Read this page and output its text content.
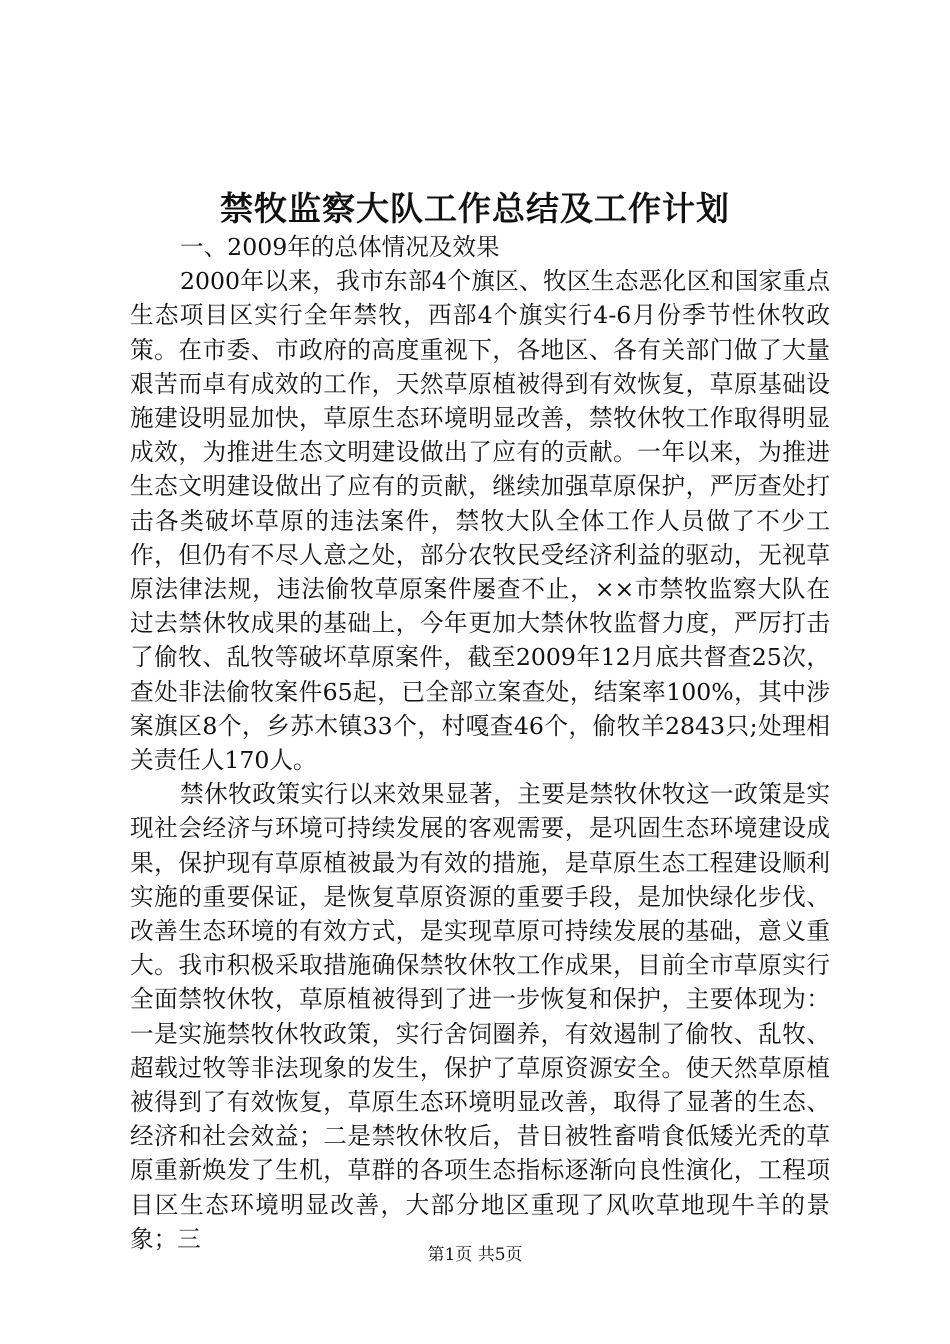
禁牧监察大队工作总结及工作计划

一、2009年的总体情况及效果

2000年以来，我市东部4个旗区、牧区生态恶化区和国家重点生态项目区实行全年禁牧，西部4个旗实行4-6月份季节性休牧政策。在市委、市政府的高度重视下，各地区、各有关部门做了大量艰苦而卓有成效的工作，天然草原植被得到有效恢复，草原基础设施建设明显加快，草原生态环境明显改善，禁牧休牧工作取得明显成效，为推进生态文明建设做出了应有的贡献。一年以来，为推进生态文明建设做出了应有的贡献，继续加强草原保护，严厉查处打击各类破坏草原的违法案件，禁牧大队全体工作人员做了不少工作，但仍有不尽人意之处，部分农牧民受经济利益的驱动，无视草原法律法规，违法偷牧草原案件屡查不止，××市禁牧监察大队在过去禁休牧成果的基础上，今年更加大禁休牧监督力度，严厉打击了偷牧、乱牧等破坏草原案件，截至2009年12月底共督查25次，查处非法偷牧案件65起，已全部立案查处，结案率100%，其中涉案旗区8个，乡苏木镇33个，村嘎查46个，偷牧羊2843只;处理相关责任人170人。

禁休牧政策实行以来效果显著，主要是禁牧休牧这一政策是实现社会经济与环境可持续发展的客观需要，是巩固生态环境建设成果，保护现有草原植被最为有效的措施，是草原生态工程建设顺利实施的重要保证，是恢复草原资源的重要手段，是加快绿化步伐、改善生态环境的有效方式，是实现草原可持续发展的基础，意义重大。我市积极采取措施确保禁牧休牧工作成果，目前全市草原实行全面禁牧休牧，草原植被得到了进一步恢复和保护，主要体现为：一是实施禁牧休牧政策，实行舍饲圈养，有效遏制了偷牧、乱牧、超载过牧等非法现象的发生，保护了草原资源安全。使天然草原植被得到了有效恢复，草原生态环境明显改善，取得了显著的生态、经济和社会效益；二是禁牧休牧后，昔日被牲畜啃食低矮光秃的草原重新焕发了生机，草群的各项生态指标逐渐向良性演化，工程项目区生态环境明显改善，大部分地区重现了风吹草地现牛羊的景象；三

第1页 共5页
